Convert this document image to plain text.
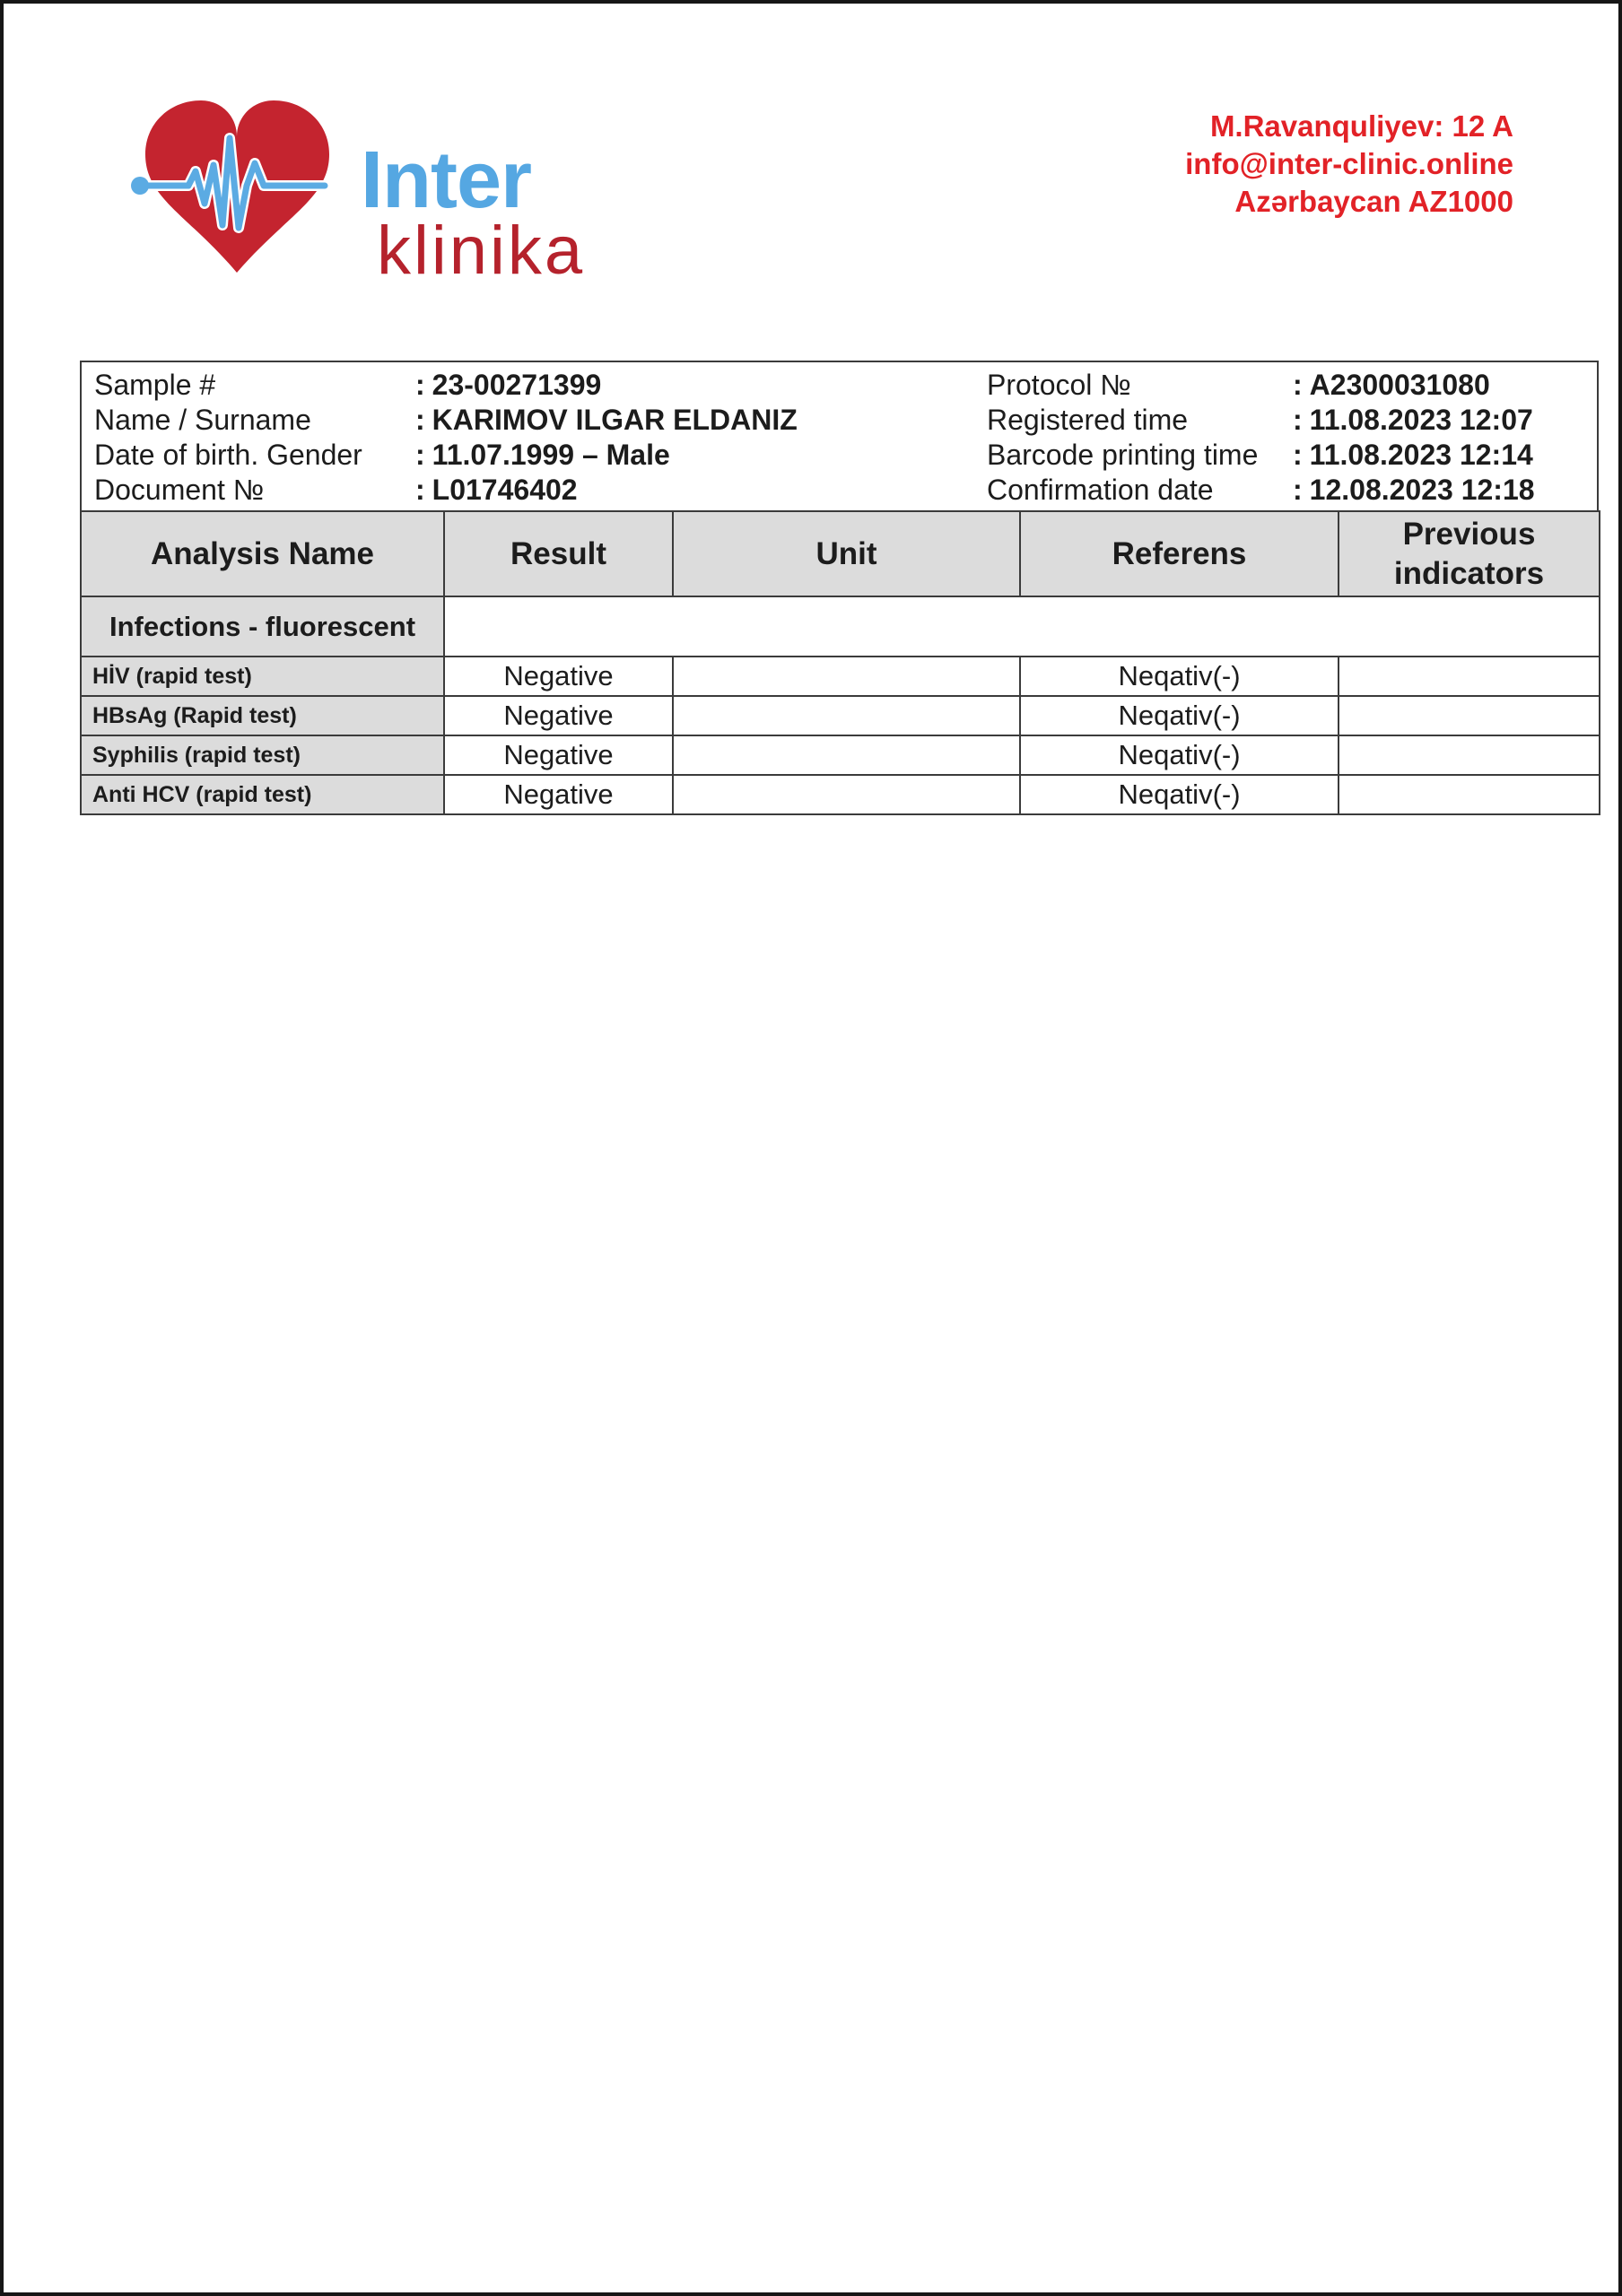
Inter
klinika
M.Ravanquliyev: 12 A
info@inter-clinic.online
Azərbaycan AZ1000
Sample #	: 23-00271399	Protocol №	: A2300031080
Name / Surname	: KARIMOV ILGAR ELDANIZ	Registered time	: 11.08.2023 12:07
Date of birth. Gender	: 11.07.1999 – Male	Barcode printing time	: 11.08.2023 12:14
Document №	: L01746402	Confirmation date	: 12.08.2023 12:18
Analysis Name	Result	Unit	Referens	Previous indicators
Infections - fluorescent				
HİV (rapid test)	Negative		Neqativ(-)	
HBsAg (Rapid test)	Negative		Neqativ(-)	
Syphilis (rapid test)	Negative		Neqativ(-)	
Anti HCV (rapid test)	Negative		Neqativ(-)	
